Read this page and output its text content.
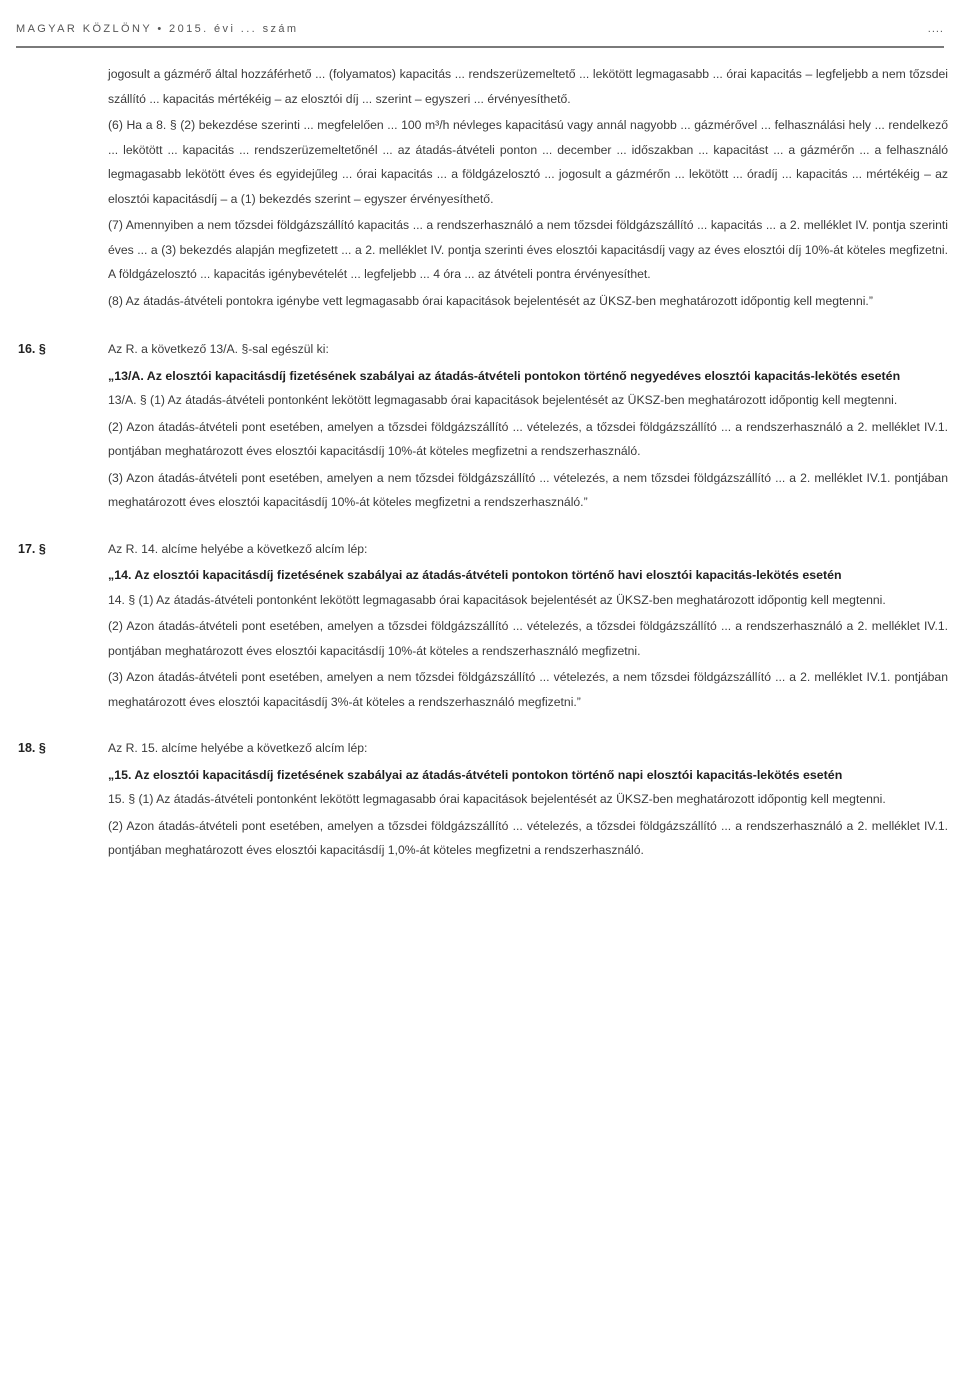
MAGYAR KÖZLÖNY • 2015. évi ... szám	....

jogosult a gázmérő által hozzáférhető ... (folyamatos) kapacitás ... rendszerüzemeltető ... lekötött legmagasabb ... órai kapacitás – legfeljebb a nem tőzsdei szállító ... kapacitás mértékéig – az elosztói díj ... szerint – egyszeri ... érvényesíthető.

(6) Ha a 8. § (2) bekezdése szerinti ... megfelelően ... 100 m³/h névleges kapacitású vagy annál nagyobb ... gázmérővel ... felhasználási hely ... rendelkező ... lekötött ... kapacitás ... rendszerüzemeltetőnél ... az átadás-átvételi ponton ... december ... időszakban ... kapacitást ... a gázmérőn ... a felhasználó legmagasabb lekötött éves és egyidejűleg ... órai kapacitás ... a földgázelosztó ... jogosult a gázmérőn ... lekötött ... óradíj ... kapacitás ... mértékéig – az elosztói kapacitásdíj – a (1) bekezdés szerint – egyszer érvényesíthető.

(7) Amennyiben a nem tőzsdei földgázszállító kapacitás ... a rendszerhasználó a nem tőzsdei földgázszállító ... kapacitás ... a 2. melléklet IV. pontja szerinti éves ... a (3) bekezdés alapján megfizetett ... a 2. melléklet IV. pontja szerinti éves elosztói kapacitásdíj vagy az éves elosztói díj 10%-át köteles megfizetni. A földgázelosztó ... kapacitás igénybevételét ... legfeljebb ... 4 óra ... az átvételi pontra érvényesíthet.

(8) Az átadás-átvételi pontokra igénybe vett legmagasabb órai kapacitások bejelentését az ÜKSZ-ben meghatározott időpontig kell megtenni.”

16. §	Az R. a következő 13/A. §-sal egészül ki:

„13/A. Az elosztói kapacitásdíj fizetésének szabályai az átadás-átvételi pontokon történő negyedéves elosztói kapacitás-lekötés esetén

13/A. § (1) Az átadás-átvételi pontonként lekötött legmagasabb órai kapacitások bejelentését az ÜKSZ-ben meghatározott időpontig kell megtenni.

(2) Azon átadás-átvételi pont esetében, amelyen a tőzsdei földgázszállító ... vételezés, a tőzsdei földgázszállító ... a rendszerhasználó a 2. melléklet IV.1. pontjában meghatározott éves elosztói kapacitásdíj 10%-át köteles megfizetni a rendszerhasználó.

(3) Azon átadás-átvételi pont esetében, amelyen a nem tőzsdei földgázszállító ... vételezés, a nem tőzsdei földgázszállító ... a 2. melléklet IV.1. pontjában meghatározott éves elosztói kapacitásdíj 10%-át köteles megfizetni a rendszerhasználó.”

17. §	Az R. 14. alcíme helyébe a következő alcím lép:

„14. Az elosztói kapacitásdíj fizetésének szabályai az átadás-átvételi pontokon történő havi elosztói kapacitás-lekötés esetén

14. § (1) Az átadás-átvételi pontonként lekötött legmagasabb órai kapacitások bejelentését az ÜKSZ-ben meghatározott időpontig kell megtenni.

(2) Azon átadás-átvételi pont esetében, amelyen a tőzsdei földgázszállító ... vételezés, a tőzsdei földgázszállító ... a rendszerhasználó a 2. melléklet IV.1. pontjában meghatározott éves elosztói kapacitásdíj 10%-át köteles a rendszerhasználó megfizetni.

(3) Azon átadás-átvételi pont esetében, amelyen a nem tőzsdei földgázszállító ... vételezés, a nem tőzsdei földgázszállító ... a 2. melléklet IV.1. pontjában meghatározott éves elosztói kapacitásdíj 3%-át köteles a rendszerhasználó megfizetni.”

18. §	Az R. 15. alcíme helyébe a következő alcím lép:

„15. Az elosztói kapacitásdíj fizetésének szabályai az átadás-átvételi pontokon történő napi elosztói kapacitás-lekötés esetén

15. § (1) Az átadás-átvételi pontonként lekötött legmagasabb órai kapacitások bejelentését az ÜKSZ-ben meghatározott időpontig kell megtenni.

(2) Azon átadás-átvételi pont esetében, amelyen a tőzsdei földgázszállító ... vételezés, a tőzsdei földgázszállító ... a rendszerhasználó a 2. melléklet IV.1. pontjában meghatározott éves elosztói kapacitásdíj 1,0%-át köteles megfizetni a rendszerhasználó.
